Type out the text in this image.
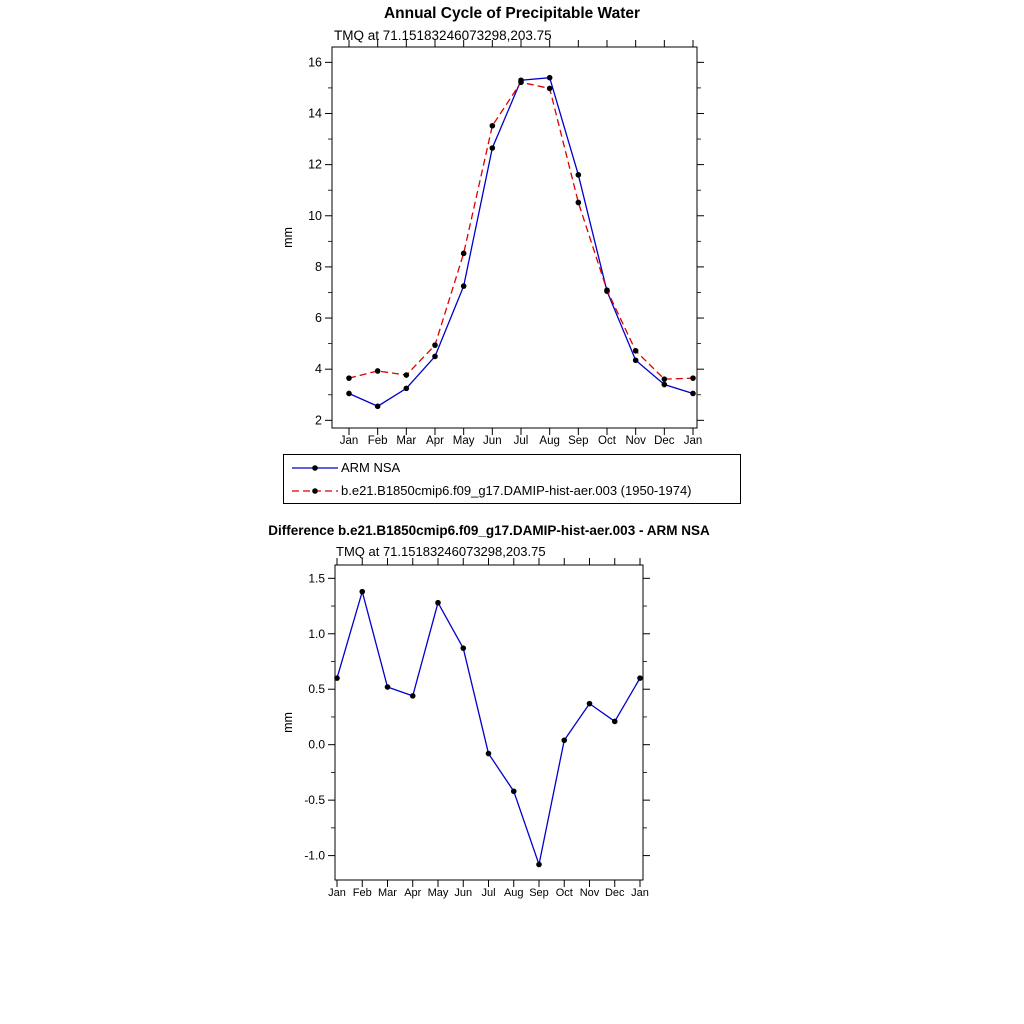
Annual Cycle of Precipitable Water
TMQ at 71.15183246073298,203.75
2
4
6
8
10
12
14
16
Jan Feb Mar Apr May Jun Jul Aug Sep Oct Nov Dec Jan
mm
ARM NSA
b.e21.B1850cmip6.f09_g17.DAMIP-hist-aer.003 (1950-1974)
Difference b.e21.B1850cmip6.f09_g17.DAMIP-hist-aer.003 - ARM NSA
TMQ at 71.15183246073298,203.75
-1.0
-0.5
0.0
0.5
1.0
1.5
Jan Feb Mar Apr May Jun Jul Aug Sep Oct Nov Dec Jan
mm
